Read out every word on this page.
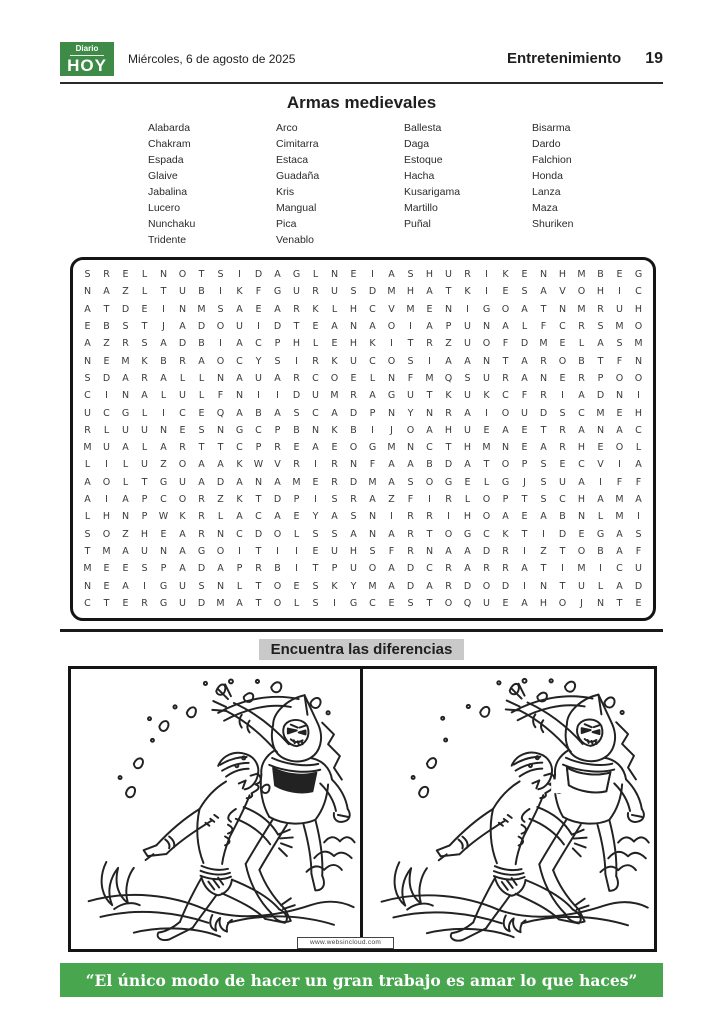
Diario
HOY Miércoles, 6 de agosto de 2025	Entretenimiento 19
Armas medievales
Alabarda
Chakram
Espada
Glaive
Jabalina
Lucero
Nunchaku
Tridente
Arco
Cimitarra
Estaca
Guadaña
Kris
Mangual
Pica
Venablo
Ballesta
Daga
Estoque
Hacha
Kusarigama
Martillo
Puñal
Bisarma
Dardo
Falchion
Honda
Lanza
Maza
Shuriken
S	R	E	L	N	O	T	S	I	D	A	G	L	N	E	I	A	S	H	U	R	I	K	E	N	H	M	B	E	G
N	A	Z	L	T	U	B	I	K	F	G	U	R	U	S	D	M	H	A	T	K	I	E	S	A	V	O	H	I	C
A	T	D	E	I	N	M	S	A	E	A	R	K	L	H	C	V	M	E	N	I	G	O	A	T	N	M	R	U	H
E	B	S	T	J	A	D	O	U	I	D	T	E	A	N	A	O	I	A	P	U	N	A	L	F	C	R	S	M	O
A	Z	R	S	A	D	B	I	A	C	P	H	L	E	H	K	I	T	R	Z	U	O	F	D	M	E	L	A	S	M
N	E	M	K	B	R	A	O	C	Y	S	I	R	K	U	C	O	S	I	A	A	N	T	A	R	O	B	T	F	N
S	D	A	R	A	L	L	N	A	U	A	R	C	O	E	L	N	F	M	Q	S	U	R	A	N	E	R	P	O	O
C	I	N	A	L	U	L	F	N	I	I	D	U	M	R	A	G	U	T	K	U	K	C	F	R	I	A	D	N	I
U	C	G	L	I	C	E	Q	A	B	A	S	C	A	D	P	N	Y	N	R	A	I	O	U	D	S	C	M	E	H
R	L	U	U	N	E	S	N	G	C	P	B	N	K	B	I	J	O	A	H	U	E	A	E	T	R	A	N	A	C
M	U	A	L	A	R	T	T	C	P	R	E	A	E	O	G	M	N	C	T	H	M	N	E	A	R	H	E	O	L
L	I	L	U	Z	O	A	A	K	W	V	R	I	R	N	F	A	A	B	D	A	T	O	P	S	E	C	V	I	A
A	O	L	T	G	U	A	D	A	N	A	M	E	R	D	M	A	S	O	G	E	L	G	J	S	U	A	I	F	F
A	I	A	P	C	O	R	Z	K	T	D	P	I	S	R	A	Z	F	I	R	L	O	P	T	S	C	H	A	M	A
L	H	N	P	W	K	R	L	A	C	A	E	Y	A	S	N	I	R	R	I	H	O	A	E	A	B	N	L	M	I
S	O	Z	H	E	A	R	N	C	D	O	L	S	S	A	N	A	R	T	O	G	C	K	T	I	D	E	G	A	S
T	M	A	U	N	A	G	O	I	T	I	I	E	U	H	S	F	R	N	A	A	D	R	I	Z	T	O	B	A	F
M	E	E	S	P	A	D	A	P	R	B	I	T	P	U	O	A	D	C	R	A	R	R	A	T	I	M	I	C	U
N	E	A	I	G	U	S	N	L	T	O	E	S	K	Y	M	A	D	A	R	D	O	D	I	N	T	U	L	A	D
C	T	E	R	G	U	D	M	A	T	O	L	S	I	G	C	E	S	T	O	Q	U	E	A	H	O	J	N	T	E
Encuentra las diferencias
www.websincloud.com
“El único modo de hacer un gran trabajo es amar lo que haces”
